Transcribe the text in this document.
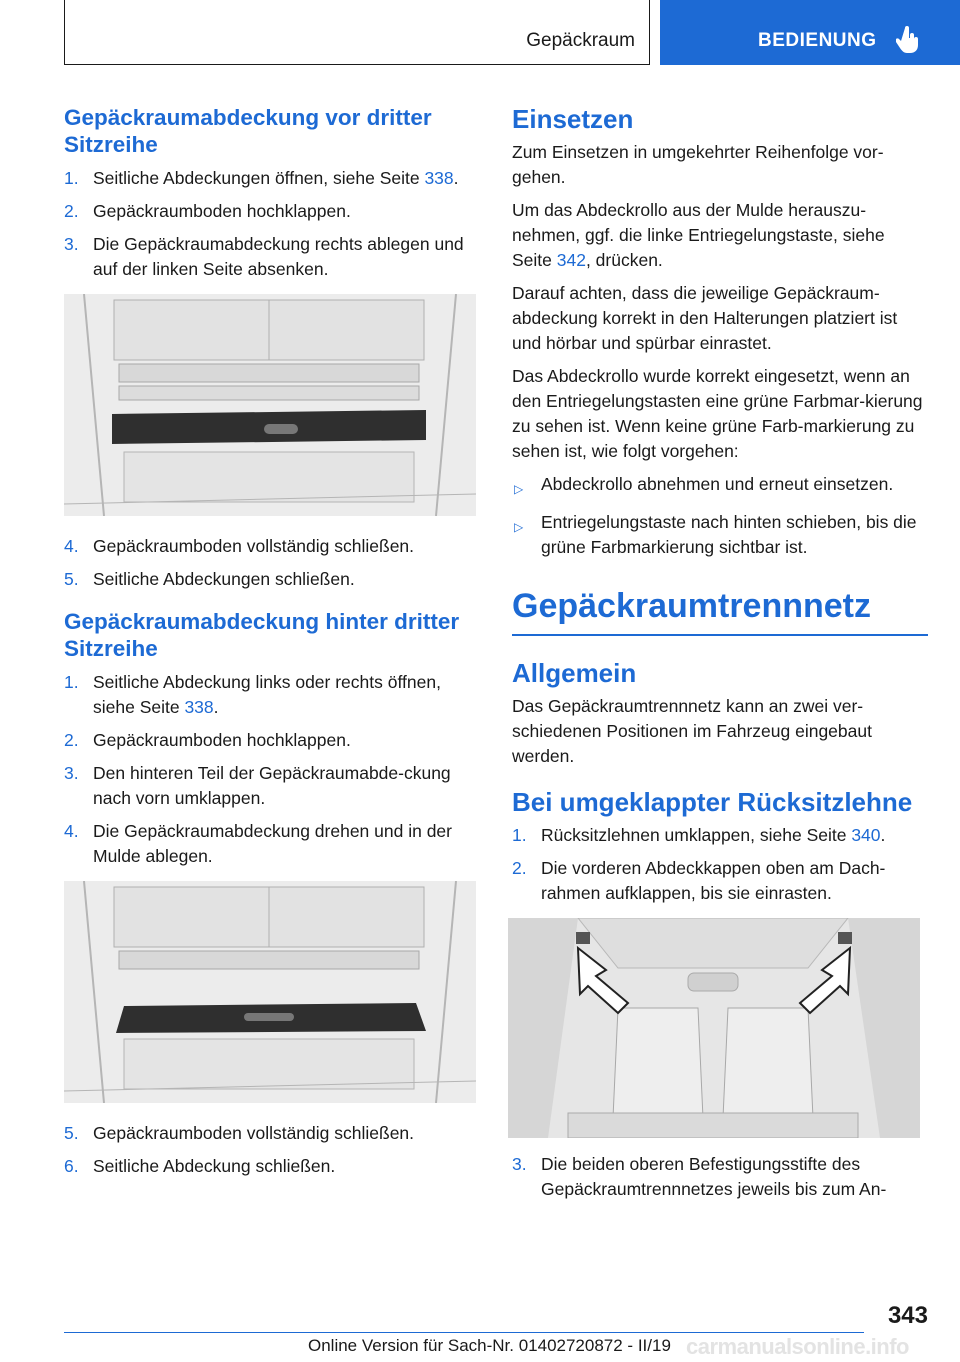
Gepäckraum	BEDIENUNG
Gepäckraumabdeckung vor dritter Sitzreihe
1. Seitliche Abdeckungen öffnen, siehe Seite 338.
2. Gepäckraumboden hochklappen.
3. Die Gepäckraumabdeckung rechts ablegen und auf der linken Seite absenken.
4. Gepäckraumboden vollständig schließen.
5. Seitliche Abdeckungen schließen.
Gepäckraumabdeckung hinter dritter Sitzreihe
1. Seitliche Abdeckung links oder rechts öffnen, siehe Seite 338.
2. Gepäckraumboden hochklappen.
3. Den hinteren Teil der Gepäckraumabde‐ckung nach vorn umklappen.
4. Die Gepäckraumabdeckung drehen und in der Mulde ablegen.
5. Gepäckraumboden vollständig schließen.
6. Seitliche Abdeckung schließen.
Einsetzen

Zum Einsetzen in umgekehrter Reihenfolge vor‐gehen.

Um das Abdeckrollo aus der Mulde herauszu‐nehmen, ggf. die linke Entriegelungstaste, siehe Seite 342, drücken.

Darauf achten, dass die jeweilige Gepäckraum‐abdeckung korrekt in den Halterungen platziert ist und hörbar und spürbar einrastet.

Das Abdeckrollo wurde korrekt eingesetzt, wenn an den Entriegelungstasten eine grüne Farbmar‐kierung zu sehen ist. Wenn keine grüne Farb‐markierung zu sehen ist, wie folgt vorgehen:

▷	Abdeckrollo abnehmen und erneut einsetzen.
▷	Entriegelungstaste nach hinten schieben, bis die grüne Farbmarkierung sichtbar ist.
Gepäckraumtrennnetz
Allgemein

Das Gepäckraumtrennnetz kann an zwei ver‐schiedenen Positionen im Fahrzeug eingebaut werden.

Bei umgeklappter Rücksitzlehne
1. Rücksitzlehnen umklappen, siehe Seite 340.
2. Die vorderen Abdeckkappen oben am Dach‐rahmen aufklappen, bis sie einrasten.
3. Die beiden oberen Befestigungsstifte des Gepäckraumtrennnetzes jeweils bis zum An‐
343
Online Version für Sach-Nr. 01402720872 - II/19 carmanualsonline.info
